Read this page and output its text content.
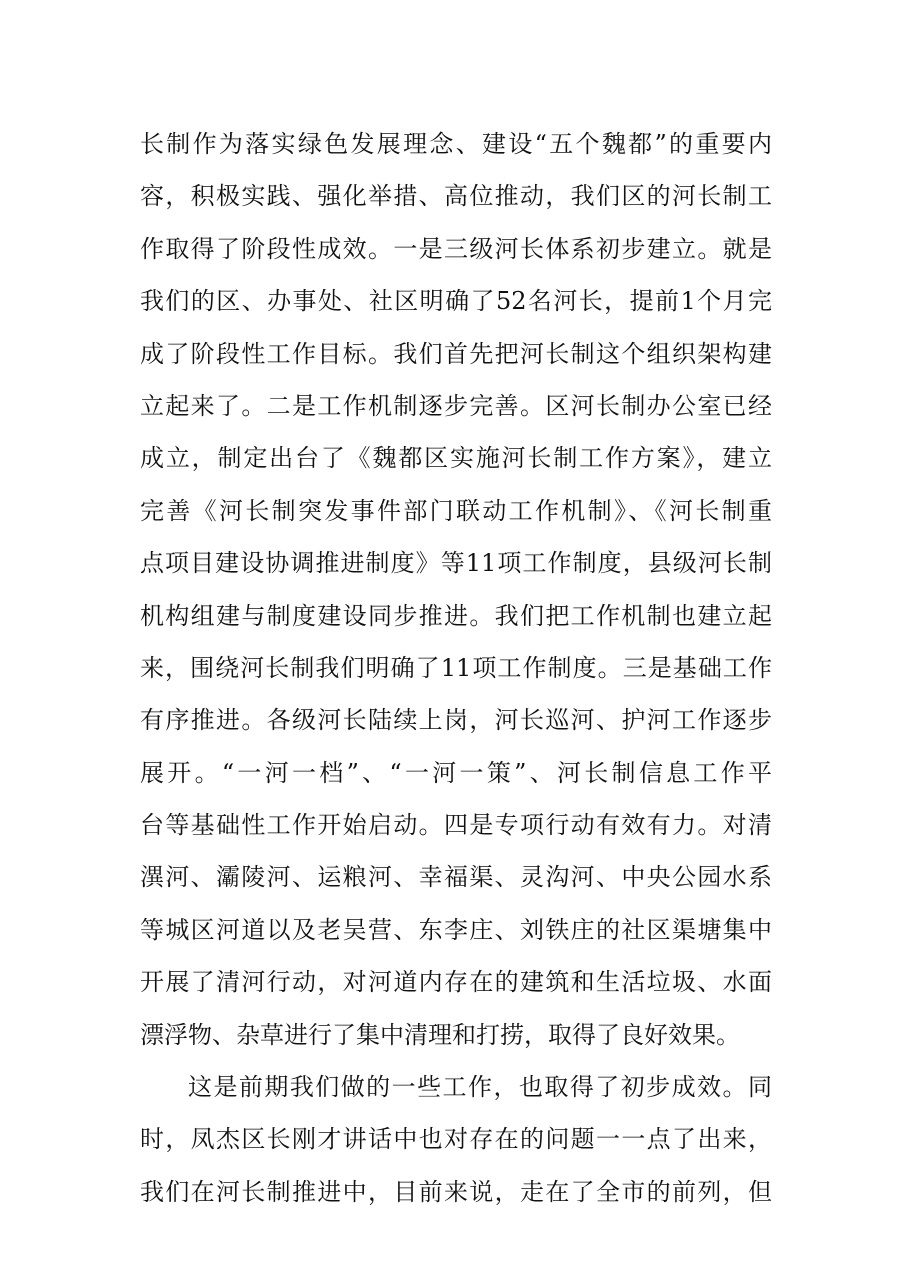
长制作为落实绿色发展理念、建设“五个魏都”的重要内
容，积极实践、强化举措、高位推动，我们区的河长制工
作取得了阶段性成效。一是三级河长体系初步建立。就是
我们的区、办事处、社区明确了52名河长，提前1个月完
成了阶段性工作目标。我们首先把河长制这个组织架构建
立起来了。二是工作机制逐步完善。区河长制办公室已经
成立，制定出台了《魏都区实施河长制工作方案》，建立
完善《河长制突发事件部门联动工作机制》、《河长制重
点项目建设协调推进制度》等11项工作制度，县级河长制
机构组建与制度建设同步推进。我们把工作机制也建立起
来，围绕河长制我们明确了11项工作制度。三是基础工作
有序推进。各级河长陆续上岗，河长巡河、护河工作逐步
展开。“一河一档”、“一河一策”、河长制信息工作平
台等基础性工作开始启动。四是专项行动有效有力。对清
潩河、灞陵河、运粮河、幸福渠、灵沟河、中央公园水系
等城区河道以及老吴营、东李庄、刘铁庄的社区渠塘集中
开展了清河行动，对河道内存在的建筑和生活垃圾、水面
漂浮物、杂草进行了集中清理和打捞，取得了良好效果。
这是前期我们做的一些工作，也取得了初步成效。同
时，凤杰区长刚才讲话中也对存在的问题一一点了出来，
我们在河长制推进中，目前来说，走在了全市的前列，但
